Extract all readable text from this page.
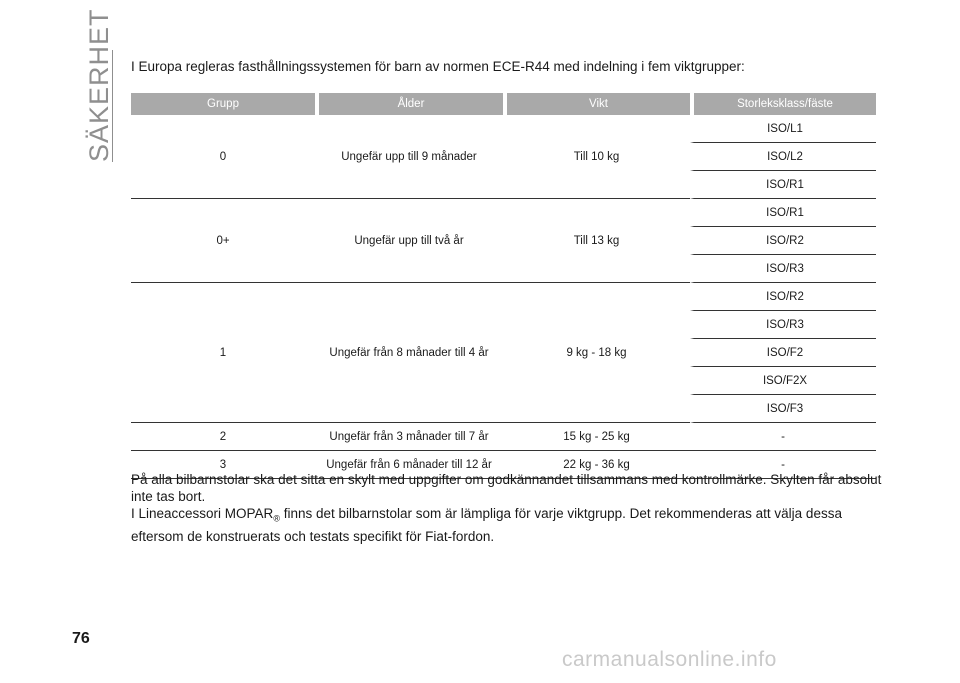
SÄKERHET I Europa regleras fasthållningssystemen för barn av normen ECE-R44 med indelning i fem viktgrupper:
Grupp	Ålder	Vikt	Storleksklass/fäste
0	Ungefär upp till 9 månader	Till 10 kg	ISO/L1
			ISO/L2
			ISO/R1
0+	Ungefär upp till två år	Till 13 kg	ISO/R1
			ISO/R2
			ISO/R3
1	Ungefär från 8 månader till 4 år	9 kg - 18 kg	ISO/R2
			ISO/R3
			ISO/F2
			ISO/F2X
			ISO/F3
2	Ungefär från 3 månader till 7 år	15 kg - 25 kg	-
3	Ungefär från 6 månader till 12 år	22 kg - 36 kg	-

På alla bilbarnstolar ska det sitta en skylt med uppgifter om godkännandet tillsammans med kontrollmärke. Skylten får absolut inte tas bort.

I Lineaccessori $MOPAR_®$ finns det bilbarnstolar som är lämpliga för varje viktgrupp. Det rekommenderas att välja dessa eftersom de konstruerats och testats specifikt för Fiat-fordon.

76
carmanualsonline.info
